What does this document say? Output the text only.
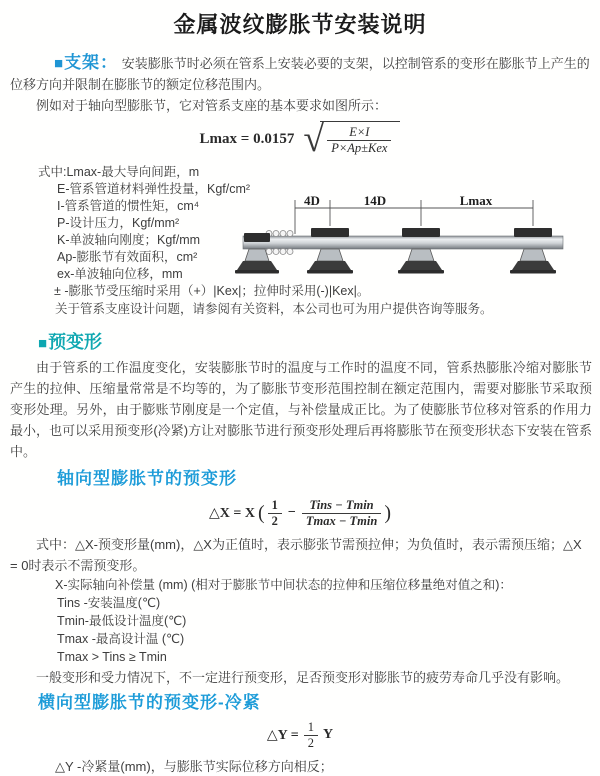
金属波纹膨胀节安装说明

■支架： 安装膨胀节时必须在管系上安装必要的支架，以控制管系的变形在膨胀节上产生的位移方向并限制在膨胀节的额定位移范围内。

例如对于轴向型膨胀节，它对管系支座的基本要求如图所示：

Lmax = 0.0157 √ $\frac{E\times I}{\text{P×Ap±Kex}}$
式中:Lmax-最大导向间距，m
E-管系管道材料弹性投量，Kgf/cm²
I-管系管道的惯性矩，cm⁴
P-设计压力，Kgf/mm²
K-单波轴向刚度；Kgf/mm
Ap-膨胀节有效面积，cm²
ex-单波轴向位移，mm
± -膨胀节受压缩时采用（+）|Kex|；拉伸时采用(-)|Kex|。

关于管系支座设计问题，请参阅有关资料，本公司也可为用户提供咨询等服务。

4D	14D	Lmax
■预变形

由于管系的工作温度变化，安装膨胀节时的温度与工作时的温度不同，管系热膨胀冷缩对膨胀节产生的拉伸、压缩量常常是不均等的，为了膨胀节变形范围控制在额定范围内，需要对膨胀节采取预变形处理。另外，由于膨账节刚度是一个定值，与补偿量成正比。为了使膨胀节位移对管系的作用力最小，也可以采用预变形(冷紧)方让对膨胀节进行预变形处理后再将膨胀节在预变形状态下安装在管系中。

轴向型膨胀节的预变形
△X = X ( $\frac{1}{2} - \frac{\text{Tins − Tmin}}{Tmax - Tmin}$ )

式中：△X-预变形量(mm)，△X为正值时，表示膨张节需预拉伸；为负值时，表示需预压缩；△X = 0时表示不需预变形。

X-实际轴向补偿量 (mm) (相对于膨胀节中间状态的拉伸和压缩位移量绝对值之和)：
Tins -安装温度(℃)
Tmin-最低设计温度(℃)
Tmax -最高设计温 (℃)
Tmax > Tins ≥ Tmin

一般变形和受力情况下，不一定进行预变形，足否预变形对膨胀节的疲劳寿命几乎没有影响。

横向型膨胀节的预变形-冷紧
△Y = $\frac{1}{2}$ Y

△Y -冷紧量(mm)，与膨胀节实际位移方向相反；
